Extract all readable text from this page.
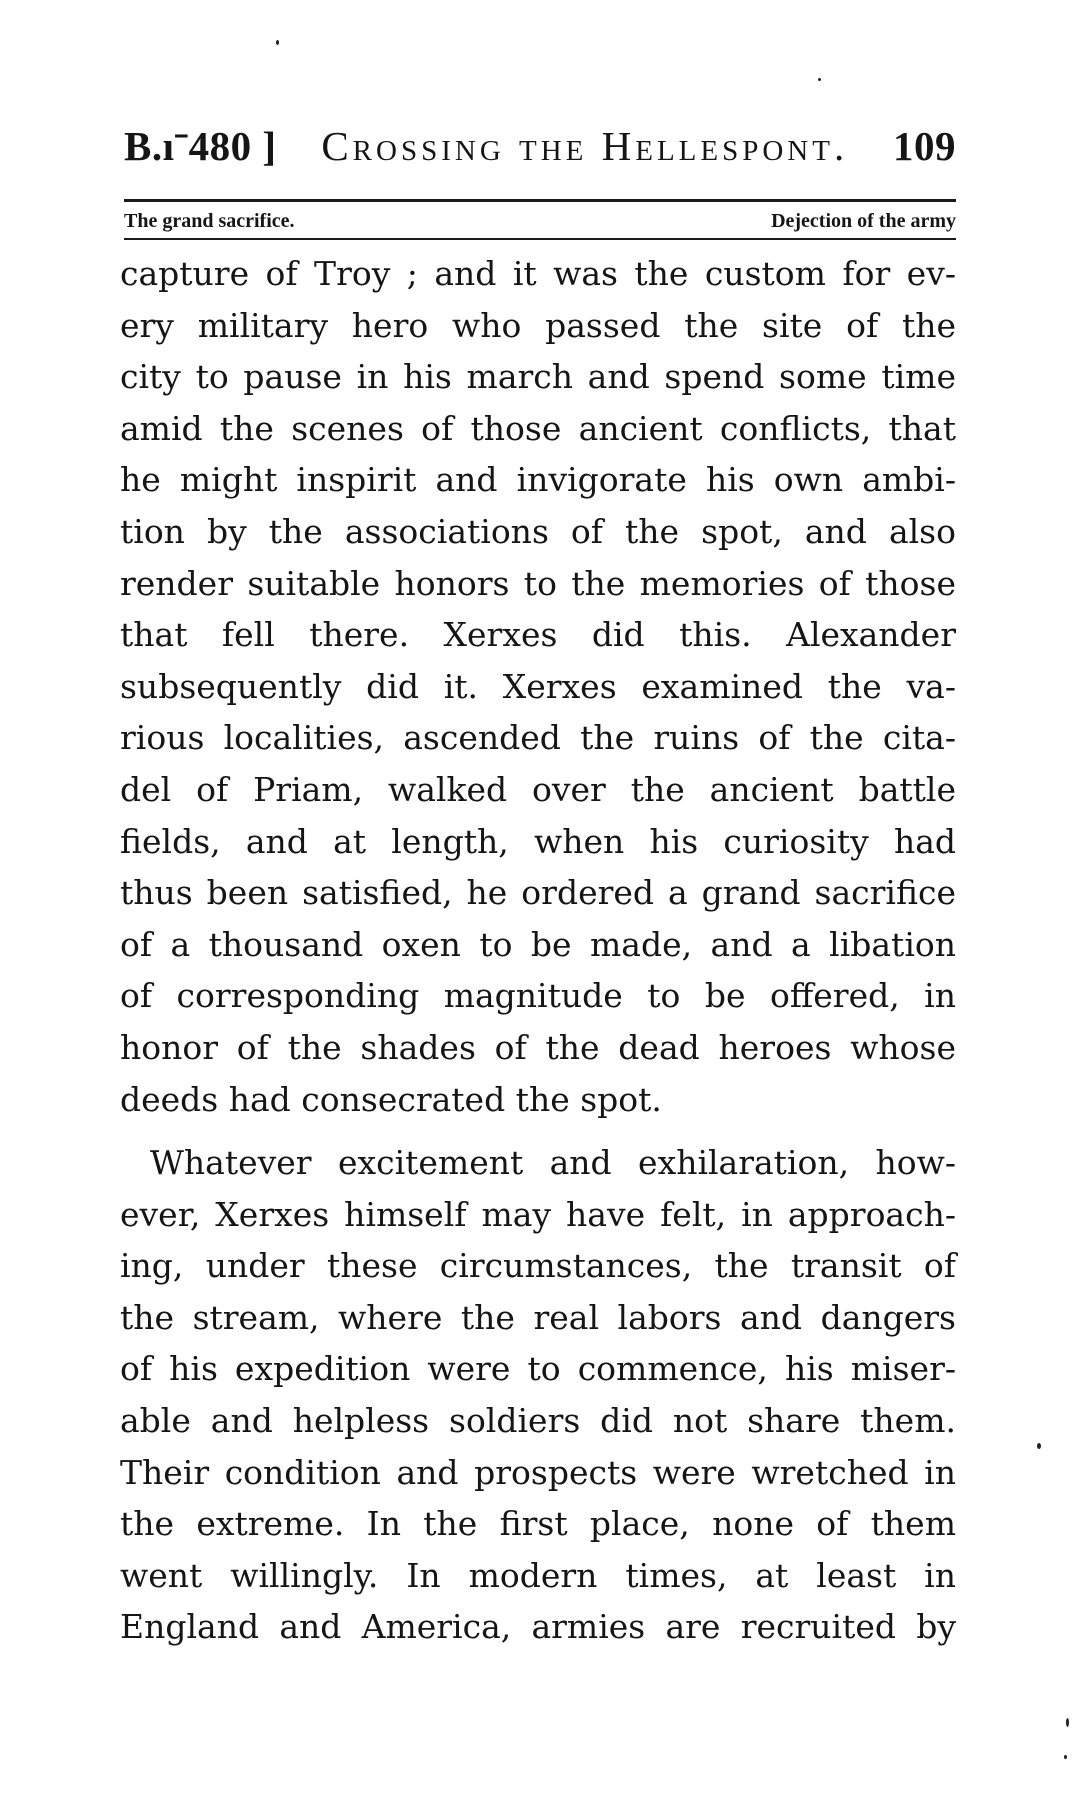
B.ıˉ480 ] Crossing the Hellespont. 109
The grand sacrifice.	Dejection of the army
capture of Troy ; and it was the custom for ev-
ery military hero who passed the site of the
city to pause in his march and spend some time
amid the scenes of those ancient conflicts, that
he might inspirit and invigorate his own ambi-
tion by the associations of the spot, and also
render suitable honors to the memories of those
that fell there. Xerxes did this. Alexander
subsequently did it. Xerxes examined the va-
rious localities, ascended the ruins of the cita-
del of Priam, walked over the ancient battle
fields, and at length, when his curiosity had
thus been satisfied, he ordered a grand sacrifice
of a thousand oxen to be made, and a libation
of corresponding magnitude to be offered, in
honor of the shades of the dead heroes whose
deeds had consecrated the spot.
Whatever excitement and exhilaration, how-
ever, Xerxes himself may have felt, in approach-
ing, under these circumstances, the transit of
the stream, where the real labors and dangers
of his expedition were to commence, his miser-
able and helpless soldiers did not share them.
Their condition and prospects were wretched in
the extreme. In the first place, none of them
went willingly. In modern times, at least in
England and America, armies are recruited by
